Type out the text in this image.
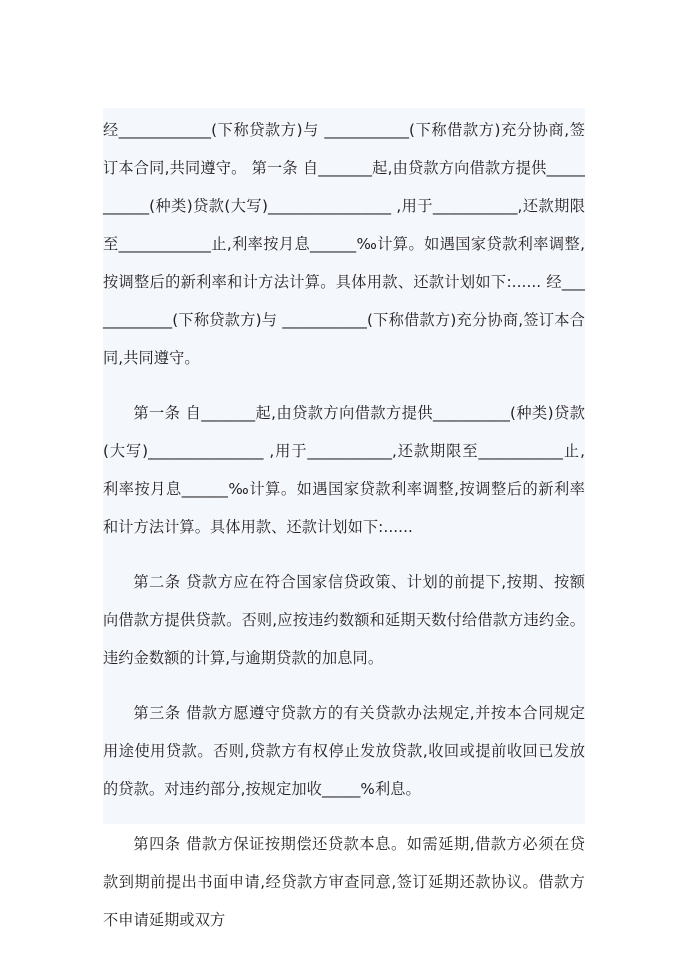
经____________(下称贷款方)与 ___________(下称借款方)充分协商,签订本合同,共同遵守。 第一条 自_______起,由贷款方向借款方提供___________(种类)贷款(大写)________________ ,用于___________,还款期限至____________止,利率按月息______‰计算。如遇国家贷款利率调整,按调整后的新利率和计方法计算。具体用款、还款计划如下:...... 经____________(下称贷款方)与 ___________(下称借款方)充分协商,签订本合同,共同遵守。

第一条 自_______起,由贷款方向借款方提供__________(种类)贷款(大写)_______________ ,用于___________,还款期限至___________止,利率按月息______‰计算。如遇国家贷款利率调整,按调整后的新利率和计方法计算。具体用款、还款计划如下:......

第二条 贷款方应在符合国家信贷政策、计划的前提下,按期、按额向借款方提供贷款。否则,应按违约数额和延期天数付给借款方违约金。违约金数额的计算,与逾期贷款的加息同。

第三条 借款方愿遵守贷款方的有关贷款办法规定,并按本合同规定用途使用贷款。否则,贷款方有权停止发放贷款,收回或提前收回已发放的贷款。对违约部分,按规定加收_____%利息。

第四条 借款方保证按期偿还贷款本息。如需延期,借款方必须在贷款到期前提出书面申请,经贷款方审查同意,签订延期还款协议。借款方不申请延期或双方
